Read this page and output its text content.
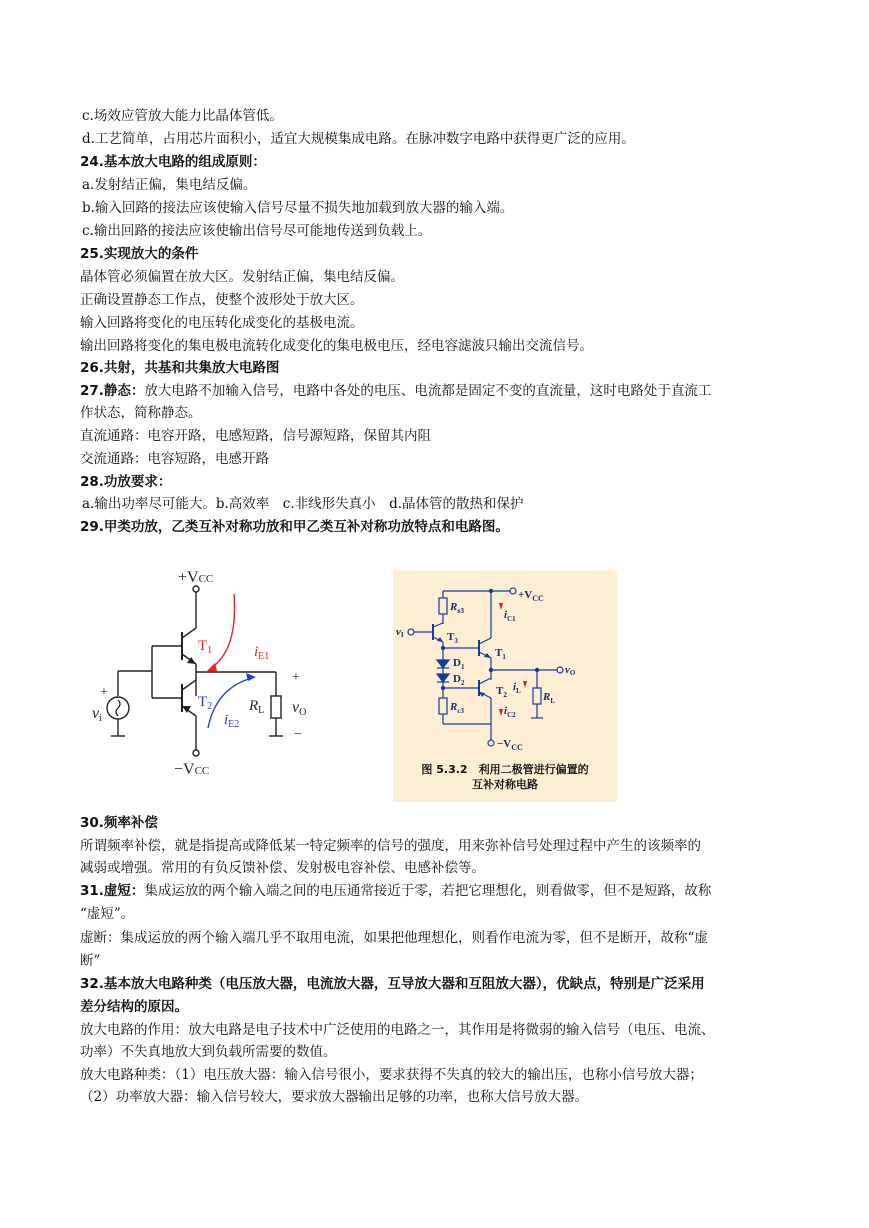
c.场效应管放大能力比晶体管低。
d.工艺简单，占用芯片面积小，适宜大规模集成电路。在脉冲数字电路中获得更广泛的应用。
24.基本放大电路的组成原则：
a.发射结正偏，集电结反偏。
b.输入回路的接法应该使输入信号尽量不损失地加载到放大器的输入端。
c.输出回路的接法应该使输出信号尽可能地传送到负载上。
25.实现放大的条件
晶体管必须偏置在放大区。发射结正偏，集电结反偏。
正确设置静态工作点，使整个波形处于放大区。
输入回路将变化的电压转化成变化的基极电流。
输出回路将变化的集电极电流转化成变化的集电极电压，经电容滤波只输出交流信号。
26.共射，共基和共集放大电路图
27.静态：放大电路不加输入信号，电路中各处的电压、电流都是固定不变的直流量，这时电路处于直流工
作状态，简称静态。
直流通路：电容开路，电感短路，信号源短路，保留其内阻
交流通路：电容短路，电感开路
28.功放要求：
a.输出功率尽可能大。b.高效率　c.非线形失真小　d.晶体管的散热和保护
29.甲类功放，乙类互补对称功放和甲乙类互补对称功放特点和电路图。
+VCC
−VCC
$T_1$
$T_2$
$i_{E1}$
$i_{E2}$
$R_L$
vi
vO
+
+
−
$+V_{CC}$
$-V_{CC}$
$R_{e3}$
$R_{c3}$
$R_L$
$i_{C1}$
$i_{C2}$
$i_L$
vI
vO
$T_3$
$T_1$
$T_2$
$D_1$
$D_2$
图 5.3.2　利用二极管进行偏置的
互补对称电路
30.频率补偿
所谓频率补偿，就是指提高或降低某一特定频率的信号的强度，用来弥补信号处理过程中产生的该频率的
减弱或增强。常用的有负反馈补偿、发射极电容补偿、电感补偿等。
31.虚短：集成运放的两个输入端之间的电压通常接近于零，若把它理想化，则看做零，但不是短路，故称
“虚短”。
虚断：集成运放的两个输入端几乎不取用电流，如果把他理想化，则看作电流为零，但不是断开，故称“虚
断”
32.基本放大电路种类（电压放大器，电流放大器，互导放大器和互阻放大器），优缺点，特别是广泛采用
差分结构的原因。
放大电路的作用：放大电路是电子技术中广泛使用的电路之一，其作用是将微弱的输入信号（电压、电流、
功率）不失真地放大到负载所需要的数值。
放大电路种类：（1）电压放大器：输入信号很小，要求获得不失真的较大的输出压，也称小信号放大器；
（2）功率放大器：输入信号较大，要求放大器输出足够的功率，也称大信号放大器。
